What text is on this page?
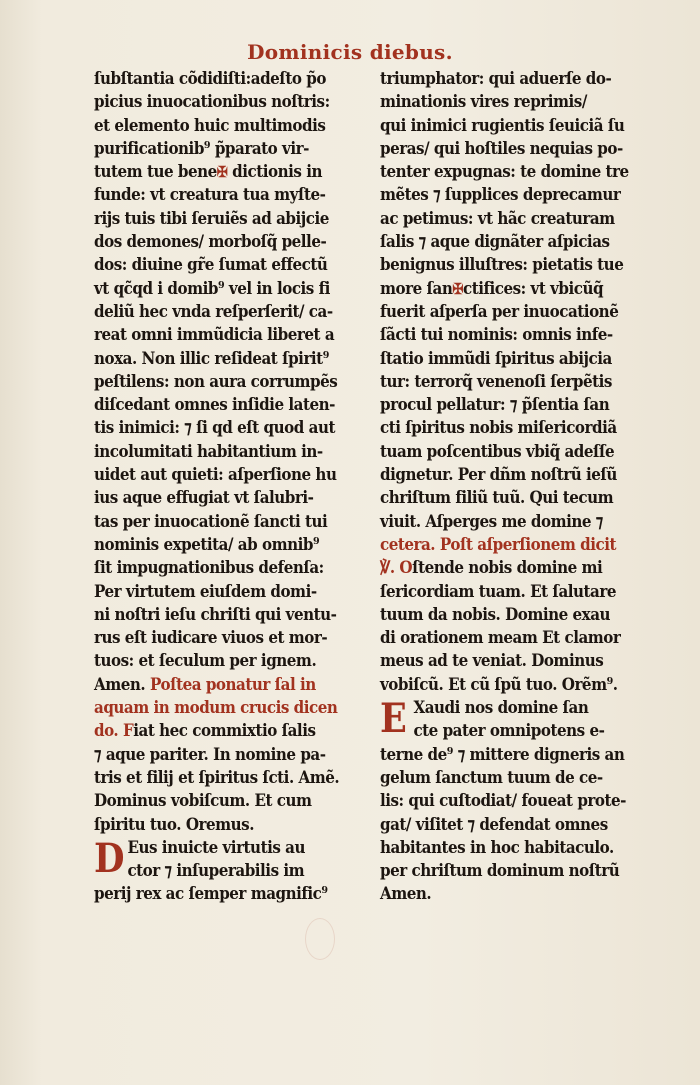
Dominicis diebus.
ſubſtantia cõdidiſti:adeſto p̃o
picius inuocationibus noſtris:
et elemento huic multimodis
purificationib⁹ p̃parato vir-
tutem tue bene✠ dictionis in
funde: vt creatura tua myſte-
rijs tuis tibi ſeruiẽs ad abijcie
dos demones/ morboſq̃ pelle-
dos: diuine gr̃e ſumat effectũ
vt qc̃qd i domib⁹ vel in locis fi
deliũ hec vnda reſperſerit/ ca-
reat omni immũdicia liberet a
noxa. Non illic reſideat ſpirit⁹
peſtilens: non aura corrumpẽs
diſcedant omnes inſidie laten-
tis inimici: ⁊ ſi qd eſt quod aut
incolumitati habitantium in-
uidet aut quieti: aſperſione hu
ius aque effugiat vt ſalubri-
tas per inuocationẽ ſancti tui
nominis expetita/ ab omnib⁹
ſit impugnationibus defenſa:
Per virtutem eiuſdem domi-
ni noſtri ieſu chriſti qui ventu-
rus eſt iudicare viuos et mor-
tuos: et ſeculum per ignem.
Amen. Poſtea ponatur ſal in
aquam in modum crucis dicen
do. Fiat hec commixtio ſalis
⁊ aque pariter. In nomine pa-
tris et filij et ſpiritus ſcti. Amẽ.
Dominus vobiſcum. Et cum
ſpiritu tuo. Oremus.
D Eus inuicte virtutis au
ctor ⁊ inſuperabilis im
perij rex ac ſemper magnific⁹
triumphator: qui aduerſe do-
minationis vires reprimis/
qui inimici rugientis ſeuiciã ſu
peras/ qui hoſtiles nequias po-
tenter expugnas: te domine tre
mẽtes ⁊ ſupplices deprecamur
ac petimus: vt hãc creaturam
ſalis ⁊ aque dignãter aſpicias
benignus illuſtres: pietatis tue
more ſan✠ctifices: vt vbicũq̃
fuerit aſperſa per inuocationẽ
ſãcti tui nominis: omnis infe-
ſtatio immũdi ſpiritus abijcia
tur: terrorq̃ venenoſi ſerpẽtis
procul pellatur: ⁊ p̃ſentia ſan
cti ſpiritus nobis miſericordiã
tuam poſcentibus vbiq̃ adeſſe
dignetur. Per dñm noſtrũ ieſũ
chriſtum filiũ tuũ. Qui tecum
viuit. Aſperges me domine ⁊
cetera. Poſt aſperſionem dicit
℣. Oſtende nobis domine mi
ſericordiam tuam. Et ſalutare
tuum da nobis. Domine exau
di orationem meam Et clamor
meus ad te veniat. Dominus
vobiſcũ. Et cũ ſpũ tuo. Orẽm⁹.
E Xaudi nos domine ſan
cte pater omnipotens e-
terne de⁹ ⁊ mittere digneris an
gelum ſanctum tuum de ce-
lis: qui cuſtodiat/ foueat prote-
gat/ viſitet ⁊ defendat omnes
habitantes in hoc habitaculo.
per chriſtum dominum noſtrũ
Amen.
